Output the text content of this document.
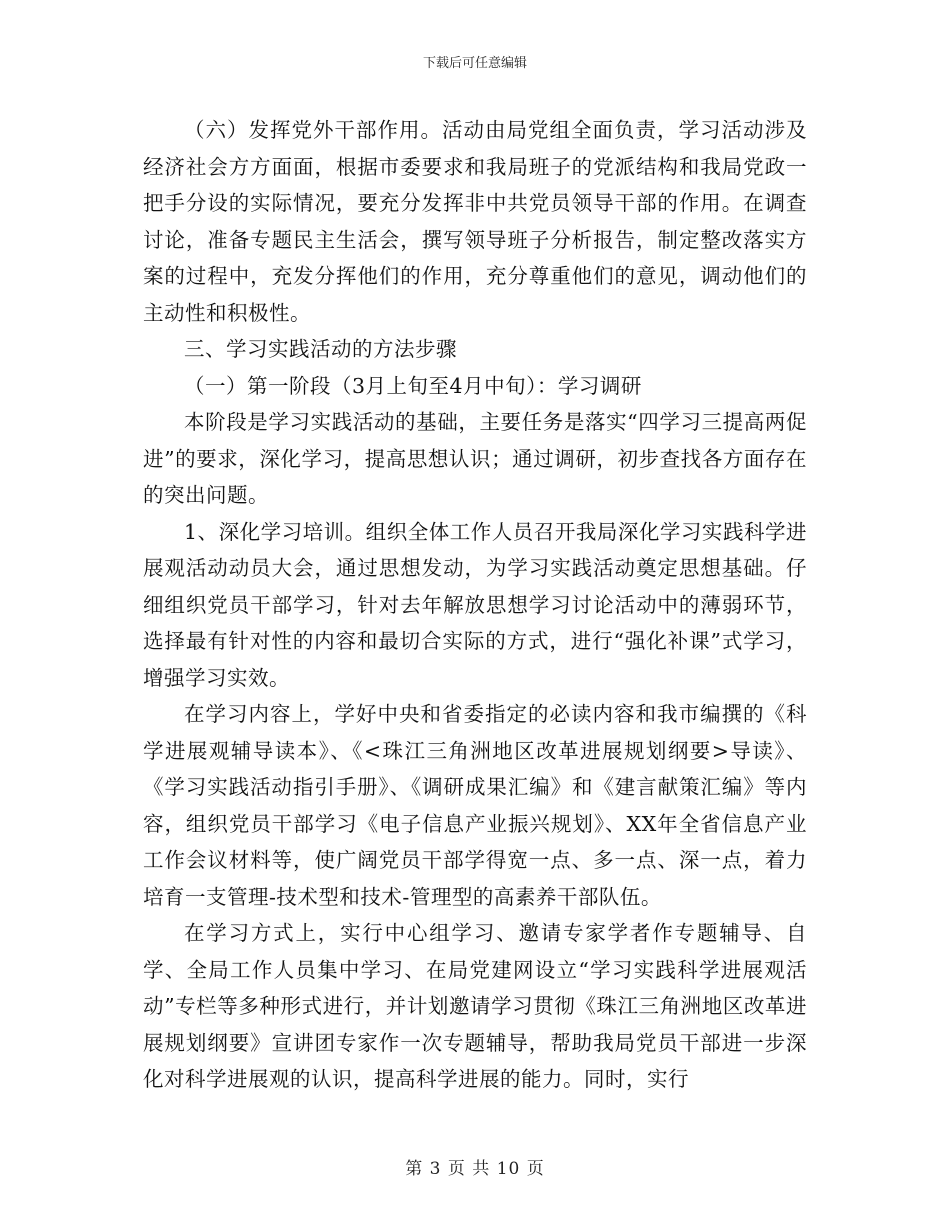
下载后可任意编辑

（六）发挥党外干部作用。活动由局党组全面负责，学习活动涉及经济社会方方面面，根据市委要求和我局班子的党派结构和我局党政一把手分设的实际情况，要充分发挥非中共党员领导干部的作用。在调查讨论，准备专题民主生活会，撰写领导班子分析报告，制定整改落实方案的过程中，充发分挥他们的作用，充分尊重他们的意见，调动他们的主动性和积极性。

三、学习实践活动的方法步骤

（一）第一阶段（3月上旬至4月中旬）：学习调研

本阶段是学习实践活动的基础，主要任务是落实“四学习三提高两促进”的要求，深化学习，提高思想认识；通过调研，初步查找各方面存在的突出问题。

1、深化学习培训。组织全体工作人员召开我局深化学习实践科学进展观活动动员大会，通过思想发动，为学习实践活动奠定思想基础。仔细组织党员干部学习，针对去年解放思想学习讨论活动中的薄弱环节，选择最有针对性的内容和最切合实际的方式，进行“强化补课”式学习，增强学习实效。

在学习内容上，学好中央和省委指定的必读内容和我市编撰的《科学进展观辅导读本》、《<珠江三角洲地区改革进展规划纲要>导读》、《学习实践活动指引手册》、《调研成果汇编》和《建言献策汇编》等内容，组织党员干部学习《电子信息产业振兴规划》、XX年全省信息产业工作会议材料等，使广阔党员干部学得宽一点、多一点、深一点，着力培育一支管理-技术型和技术-管理型的高素养干部队伍。

在学习方式上，实行中心组学习、邀请专家学者作专题辅导、自学、全局工作人员集中学习、在局党建网设立“学习实践科学进展观活动”专栏等多种形式进行，并计划邀请学习贯彻《珠江三角洲地区改革进展规划纲要》宣讲团专家作一次专题辅导，帮助我局党员干部进一步深化对科学进展观的认识，提高科学进展的能力。同时，实行

第 3 页 共 10 页
